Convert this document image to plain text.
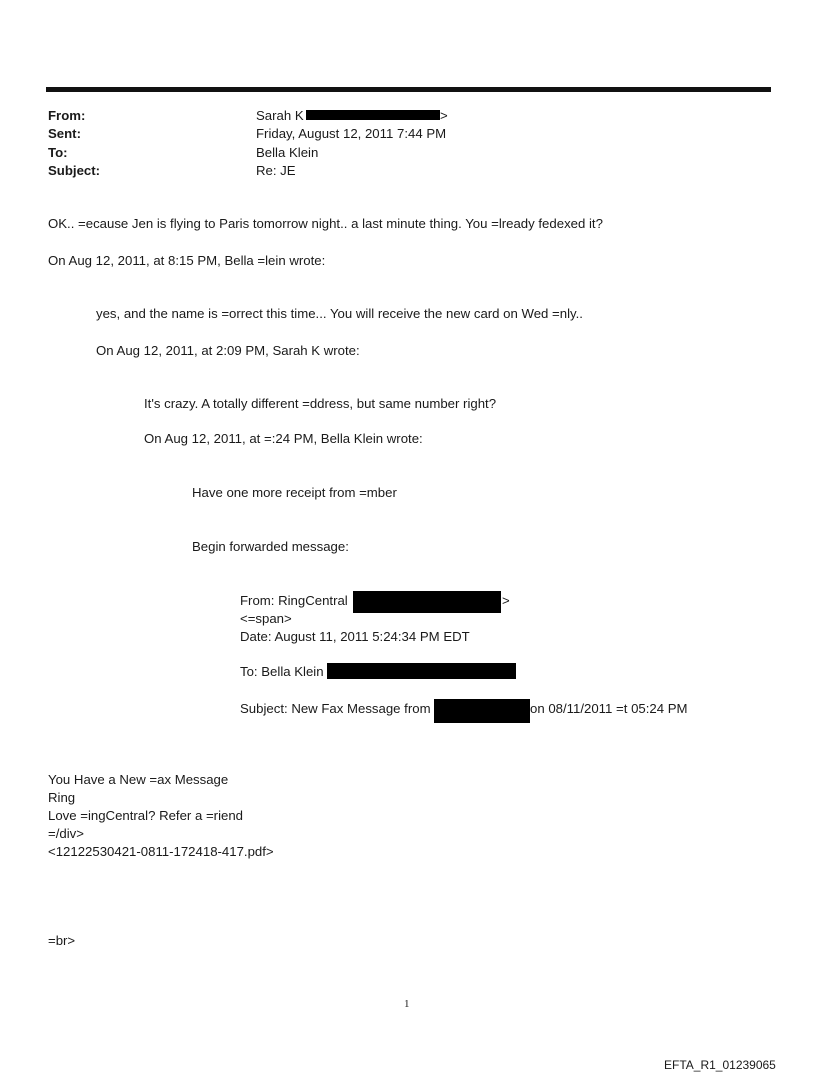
From:	Sarah K	>
Sent:	Friday, August 12, 2011 7:44 PM
To:	Bella Klein
Subject:	Re: JE
OK.. =ecause Jen is flying to Paris tomorrow night.. a last minute thing. You =lready fedexed it?
On Aug 12, 2011, at 8:15 PM, Bella =lein wrote:
yes, and the name is =orrect this time... You will receive the new card on Wed =nly..
On Aug 12, 2011, at 2:09 PM, Sarah K wrote:
It's crazy. A totally different =ddress, but same number right?
On Aug 12, 2011, at =:24 PM, Bella Klein wrote:
Have one more receipt from =mber
Begin forwarded message:
From: RingCentral	>
<=span>
Date: August 11, 2011 5:24:34 PM EDT
To: Bella Klein
Subject: New Fax Message from	on 08/11/2011 =t 05:24 PM
You Have a New =ax Message
Ring
Love =ingCentral? Refer a =riend
=/div>
<12122530421-0811-172418-417.pdf>
=br>
1
EFTA_R1_01239065
